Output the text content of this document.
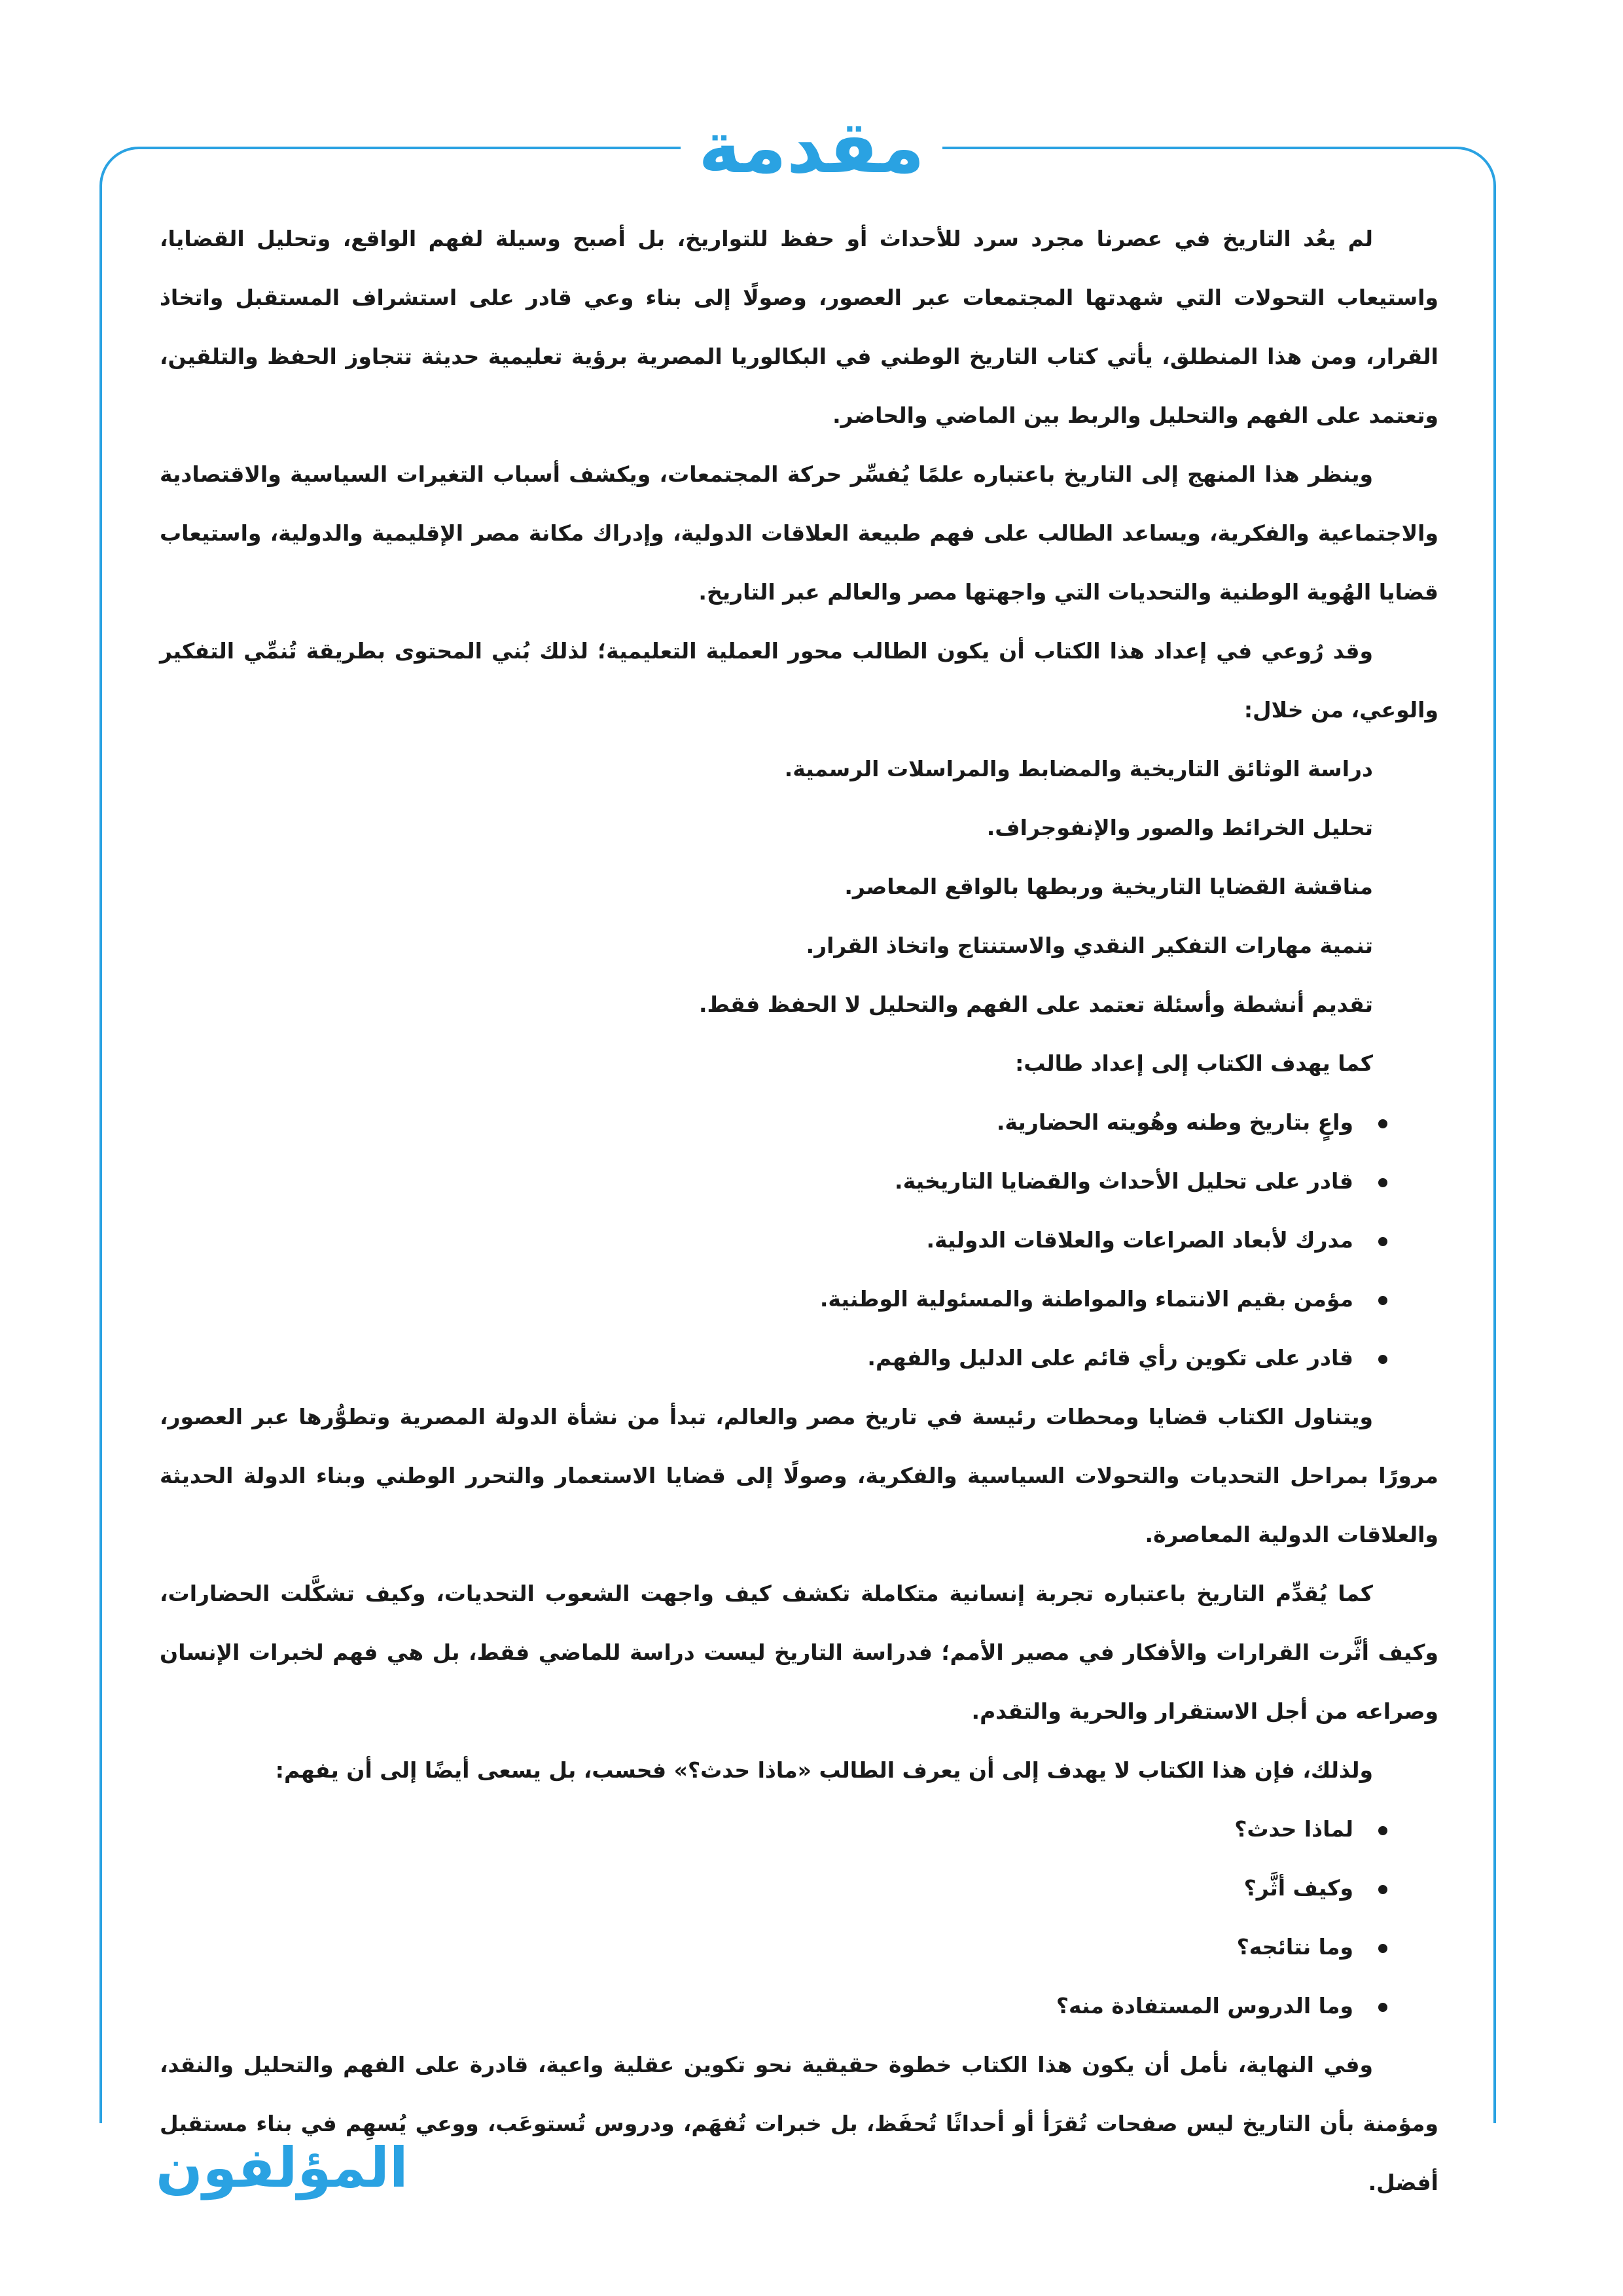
مقدمة

لم يعُد التاريخ في عصرنا مجرد سرد للأحداث أو حفظ للتواريخ، بل أصبح وسيلة لفهم الواقع، وتحليل القضايا، واستيعاب التحولات التي شهدتها المجتمعات عبر العصور، وصولًا إلى بناء وعي قادر على استشراف المستقبل واتخاذ القرار، ومن هذا المنطلق، يأتي كتاب التاريخ الوطني في البكالوريا المصرية برؤية تعليمية حديثة تتجاوز الحفظ والتلقين، وتعتمد على الفهم والتحليل والربط بين الماضي والحاضر.

وينظر هذا المنهج إلى التاريخ باعتباره علمًا يُفسِّر حركة المجتمعات، ويكشف أسباب التغيرات السياسية والاقتصادية والاجتماعية والفكرية، ويساعد الطالب على فهم طبيعة العلاقات الدولية، وإدراك مكانة مصر الإقليمية والدولية، واستيعاب قضايا الهُوية الوطنية والتحديات التي واجهتها مصر والعالم عبر التاريخ.

وقد رُوعي في إعداد هذا الكتاب أن يكون الطالب محور العملية التعليمية؛ لذلك بُني المحتوى بطريقة تُنمِّي التفكير والوعي، من خلال:

دراسة الوثائق التاريخية والمضابط والمراسلات الرسمية.

تحليل الخرائط والصور والإنفوجراف.

مناقشة القضايا التاريخية وربطها بالواقع المعاصر.

تنمية مهارات التفكير النقدي والاستنتاج واتخاذ القرار.

تقديم أنشطة وأسئلة تعتمد على الفهم والتحليل لا الحفظ فقط.

كما يهدف الكتاب إلى إعداد طالب:

واعٍ بتاريخ وطنه وهُويته الحضارية.

قادر على تحليل الأحداث والقضايا التاريخية.

مدرك لأبعاد الصراعات والعلاقات الدولية.

مؤمن بقيم الانتماء والمواطنة والمسئولية الوطنية.

قادر على تكوين رأي قائم على الدليل والفهم.

ويتناول الكتاب قضايا ومحطات رئيسة في تاريخ مصر والعالم، تبدأ من نشأة الدولة المصرية وتطوُّرها عبر العصور، مرورًا بمراحل التحديات والتحولات السياسية والفكرية، وصولًا إلى قضايا الاستعمار والتحرر الوطني وبناء الدولة الحديثة والعلاقات الدولية المعاصرة.

كما يُقدِّم التاريخ باعتباره تجربة إنسانية متكاملة تكشف كيف واجهت الشعوب التحديات، وكيف تشكَّلت الحضارات، وكيف أثَّرت القرارات والأفكار في مصير الأمم؛ فدراسة التاريخ ليست دراسة للماضي فقط، بل هي فهم لخبرات الإنسان وصراعه من أجل الاستقرار والحرية والتقدم.

ولذلك، فإن هذا الكتاب لا يهدف إلى أن يعرف الطالب «ماذا حدث؟» فحسب، بل يسعى أيضًا إلى أن يفهم:

لماذا حدث؟

وكيف أثَّر؟

وما نتائجه؟

وما الدروس المستفادة منه؟

وفي النهاية، نأمل أن يكون هذا الكتاب خطوة حقيقية نحو تكوين عقلية واعية، قادرة على الفهم والتحليل والنقد، ومؤمنة بأن التاريخ ليس صفحات تُقرَأ أو أحداثًا تُحفَظ، بل خبرات تُفهَم، ودروس تُستوعَب، ووعي يُسهِم في بناء مستقبل أفضل.

المؤلفون
